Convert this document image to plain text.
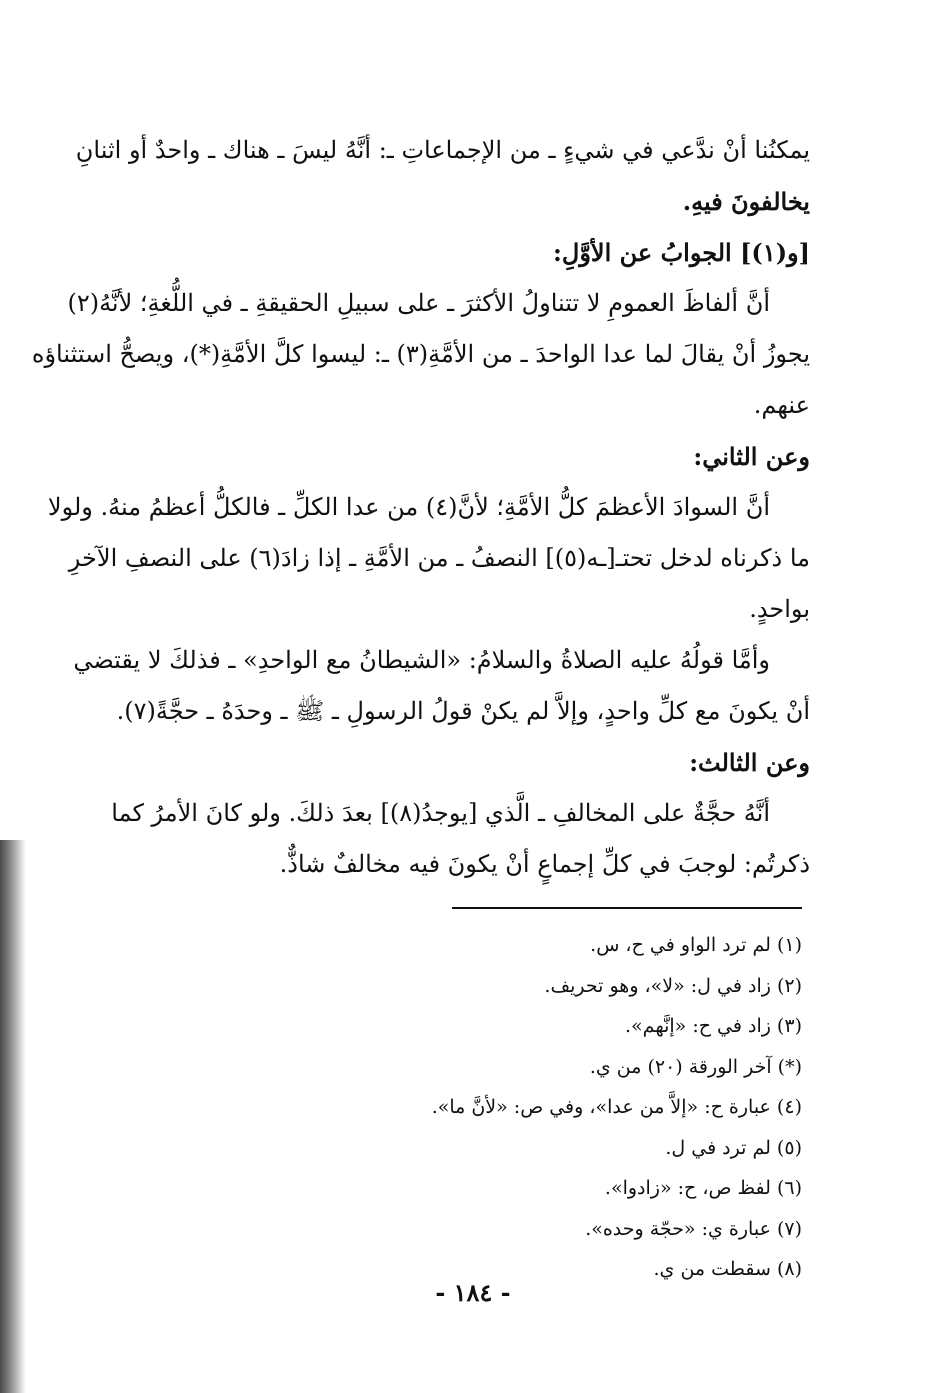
يمكنُنا أنْ ندَّعي في شيءٍ ـ من الإجماعاتِ ـ: أنَّهُ ليسَ ـ هناك ـ واحدٌ أو اثنانِ
يخالفونَ فيهِ.
[و(١)] الجوابُ عن الأوَّلِ:
أنَّ ألفاظَ العمومِ لا تتناولُ الأكثرَ ـ على سبيلِ الحقيقةِ ـ في اللُّغةِ؛ لأنَّهُ(٢)
يجوزُ أنْ يقالَ لما عدا الواحدَ ـ من الأمَّةِ(٣) ـ: ليسوا كلَّ الأمَّةِ(*)، ويصحُّ استثناؤه
عنهم.
وعن الثاني:
أنَّ السوادَ الأعظمَ كلُّ الأمَّةِ؛ لأنَّ(٤) من عدا الكلِّ ـ فالكلُّ أعظمُ منهُ. ولولا
ما ذكرناه لدخل تحتـ[ـه(٥)] النصفُ ـ من الأمَّةِ ـ إذا زادَ(٦) على النصفِ الآخرِ
بواحدٍ.
وأمَّا قولُهُ عليه الصلاةُ والسلامُ: «الشيطانُ مع الواحدِ» ـ فذلكَ لا يقتضي
أنْ يكونَ مع كلِّ واحدٍ، وإلاَّ لم يكنْ قولُ الرسولِ ـ ﷺ ـ وحدَهُ ـ حجَّةً(٧).
وعن الثالث:
أنَّهُ حجَّةٌ على المخالفِ ـ الَّذي [يوجدُ(٨)] بعدَ ذلكَ. ولو كانَ الأمرُ كما
ذكرتُم: لوجبَ في كلِّ إجماعٍ أنْ يكونَ فيه مخالفٌ شاذٌّ.
(١) لم ترد الواو في ح، س.
(٢) زاد في ل: «لا»، وهو تحريف.
(٣) زاد في ح: «إنَّهم».
(*) آخر الورقة (٢٠) من ي.
(٤) عبارة ح: «إلاَّ من عدا»، وفي ص: «لأنَّ ما».
(٥) لم ترد في ل.
(٦) لفظ ص، ح: «زادوا».
(٧) عبارة ي: «حجّة وحده».
(٨) سقطت من ي.
- ١٨٤ -
